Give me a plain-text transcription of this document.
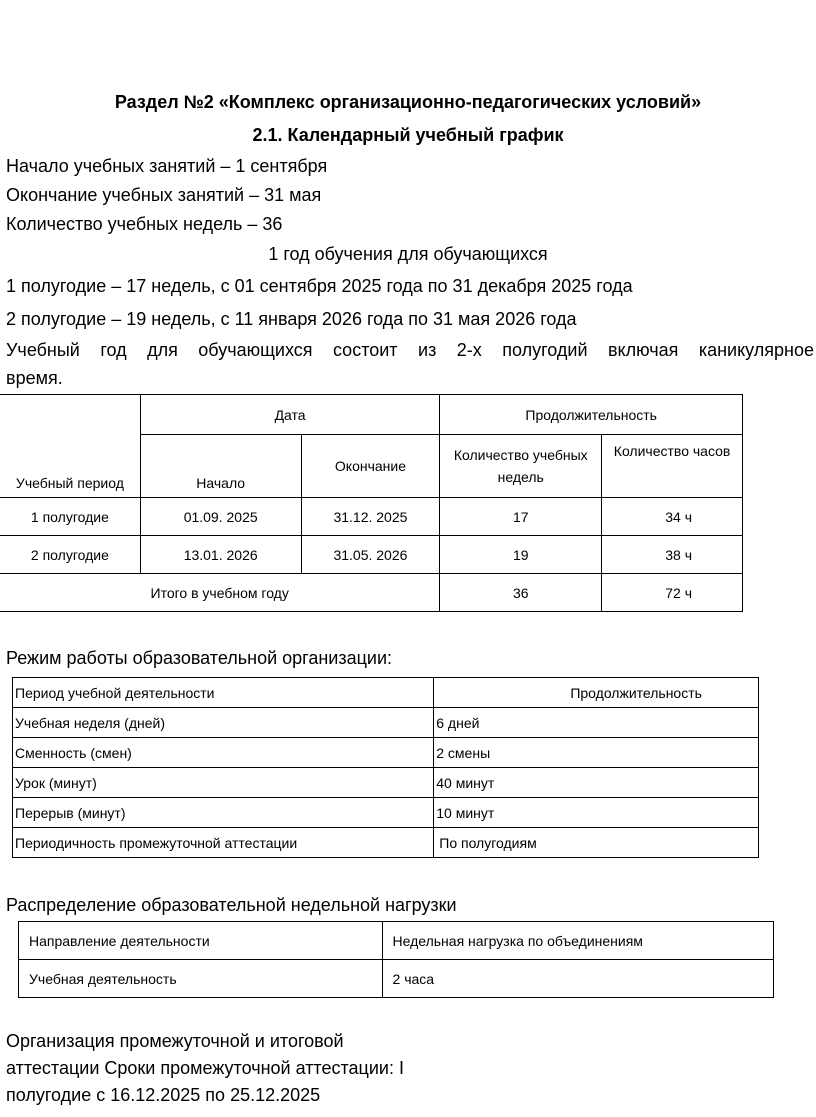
Раздел №2 «Комплекс организационно-педагогических условий»
2.1. Календарный учебный график
Начало учебных занятий – 1 сентября
Окончание учебных занятий – 31 мая
Количество учебных недель – 36
1 год обучения для обучающихся
1 полугодие – 17 недель, с 01 сентября 2025 года по 31 декабря 2025 года
2 полугодие – 19 недель, с 11 января 2026 года по 31 мая 2026 года
Учебный год для обучающихся состоит из 2-х полугодий включая каникулярное
время.
Учебный период	Дата		Продолжительность	
	Начало	Окончание	Количество учебных недель	Количество часов
1 полугодие	01.09. 2025	31.12. 2025	17	34 ч
2 полугодие	13.01. 2026	31.05. 2026	19	38 ч
Итого в учебном году			36	72 ч
Режим работы образовательной организации:
Период учебной деятельности	Продолжительность
Учебная неделя (дней)	6 дней
Сменность (смен)	2 смены
Урок (минут)	40 минут
Перерыв (минут)	10 минут
Периодичность промежуточной аттестации	По полугодиям
Распределение образовательной недельной нагрузки
Направление деятельности	Недельная нагрузка по объединениям
Учебная деятельность	2 часа
Организация промежуточной и итоговой
аттестации Сроки промежуточной аттестации: I
полугодие с 16.12.2025 по 25.12.2025
